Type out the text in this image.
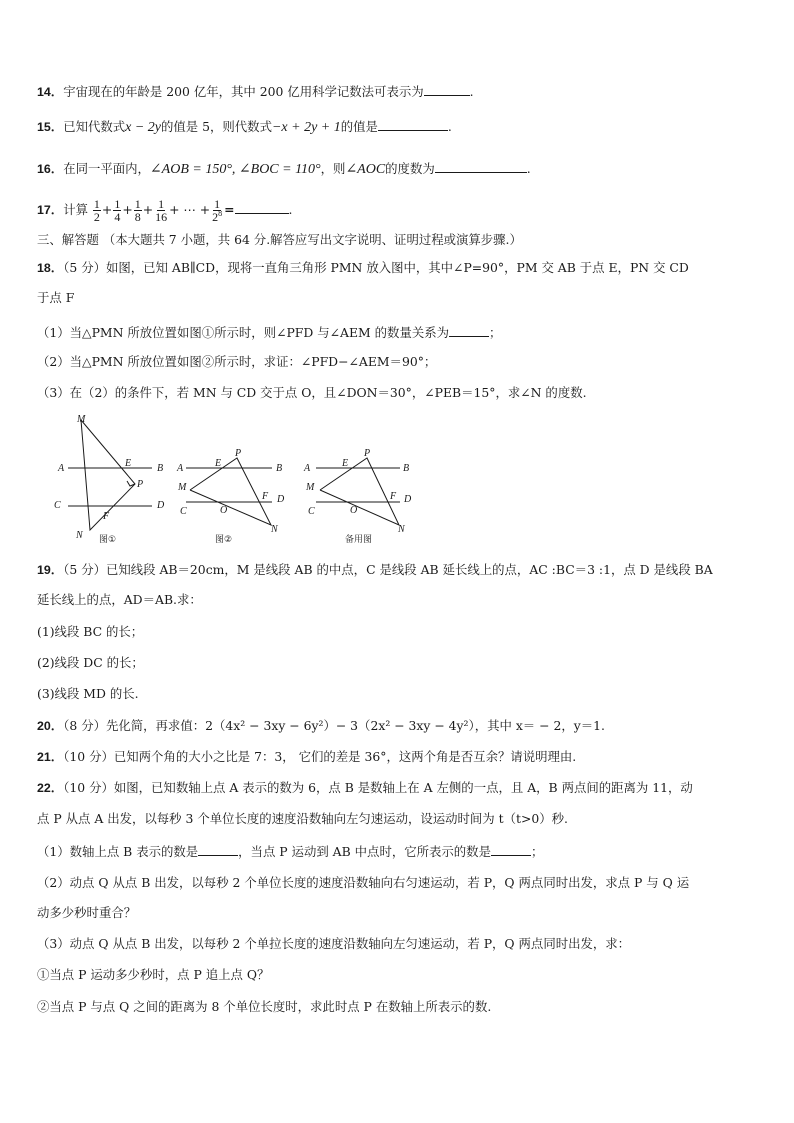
14．宇宙现在的年龄是 200 亿年，其中 200 亿用科学记数法可表示为	.
15．已知代数式x − 2y的值是 5，则代数式−x + 2y + 1的值是	.
16．在同一平面内，∠AOB = 150°, ∠BOC = 110°，则∠AOC的度数为	.
17．计算 $\frac{1}{2} + \frac{1}{4} + \frac{1}{8} + \frac{1}{16}$ + ⋯ + $\frac{1}{2^8}$ =	.
三、解答题 （本大题共 7 小题，共 64 分.解答应写出文字说明、证明过程或演算步骤.）
18．（5 分）如图，已知 AB∥CD，现将一直角三角形 PMN 放入图中，其中∠P=90°，PM 交 AB 于点 E，PN 交 CD
于点 F
（1）当△PMN 所放位置如图①所示时，则∠PFD 与∠AEM 的数量关系为	；
（2）当△PMN 所放位置如图②所示时，求证：∠PFD−∠AEM＝90°；
（3）在（2）的条件下，若 MN 与 CD 交于点 O，且∠DON＝30°，∠PEB＝15°，求∠N 的度数.
M
A	B
E
P
C	D
F
N 图①
A	B
E
P
M
F D
C	O
N
图②
A	B
E
P
M
F D
C	O
N
备用图
19．（5 分）已知线段 AB＝20cm，M 是线段 AB 的中点，C 是线段 AB 延长线上的点，AC :BC＝3 :1，点 D 是线段 BA
延长线上的点，AD＝AB.求：
(1)线段 BC 的长；
(2)线段 DC 的长；
(3)线段 MD 的长.
20．（8 分）先化简，再求值：2（4x² − 3xy − 6y²）− 3（2x² − 3xy − 4y²），其中 x＝ − 2，y＝1.
21．（10 分）已知两个角的大小之比是 7：3， 它们的差是 36°，这两个角是否互余？请说明理由.
22．（10 分）如图，已知数轴上点 A 表示的数为 6，点 B 是数轴上在 A 左侧的一点，且 A，B 两点间的距离为 11，动
点 P 从点 A 出发，以每秒 3 个单位长度的速度沿数轴向左匀速运动，设运动时间为 t（t>0）秒.
（1）数轴上点 B 表示的数是	，当点 P 运动到 AB 中点时，它所表示的数是	；
（2）动点 Q 从点 B 出发，以每秒 2 个单位长度的速度沿数轴向右匀速运动，若 P，Q 两点同时出发，求点 P 与 Q 运
动多少秒时重合？
（3）动点 Q 从点 B 出发，以每秒 2 个单拉长度的速度沿数轴向左匀速运动，若 P，Q 两点同时出发，求：
①当点 P 运动多少秒时，点 P 追上点 Q？
②当点 P 与点 Q 之间的距离为 8 个单位长度时，求此时点 P 在数轴上所表示的数.
